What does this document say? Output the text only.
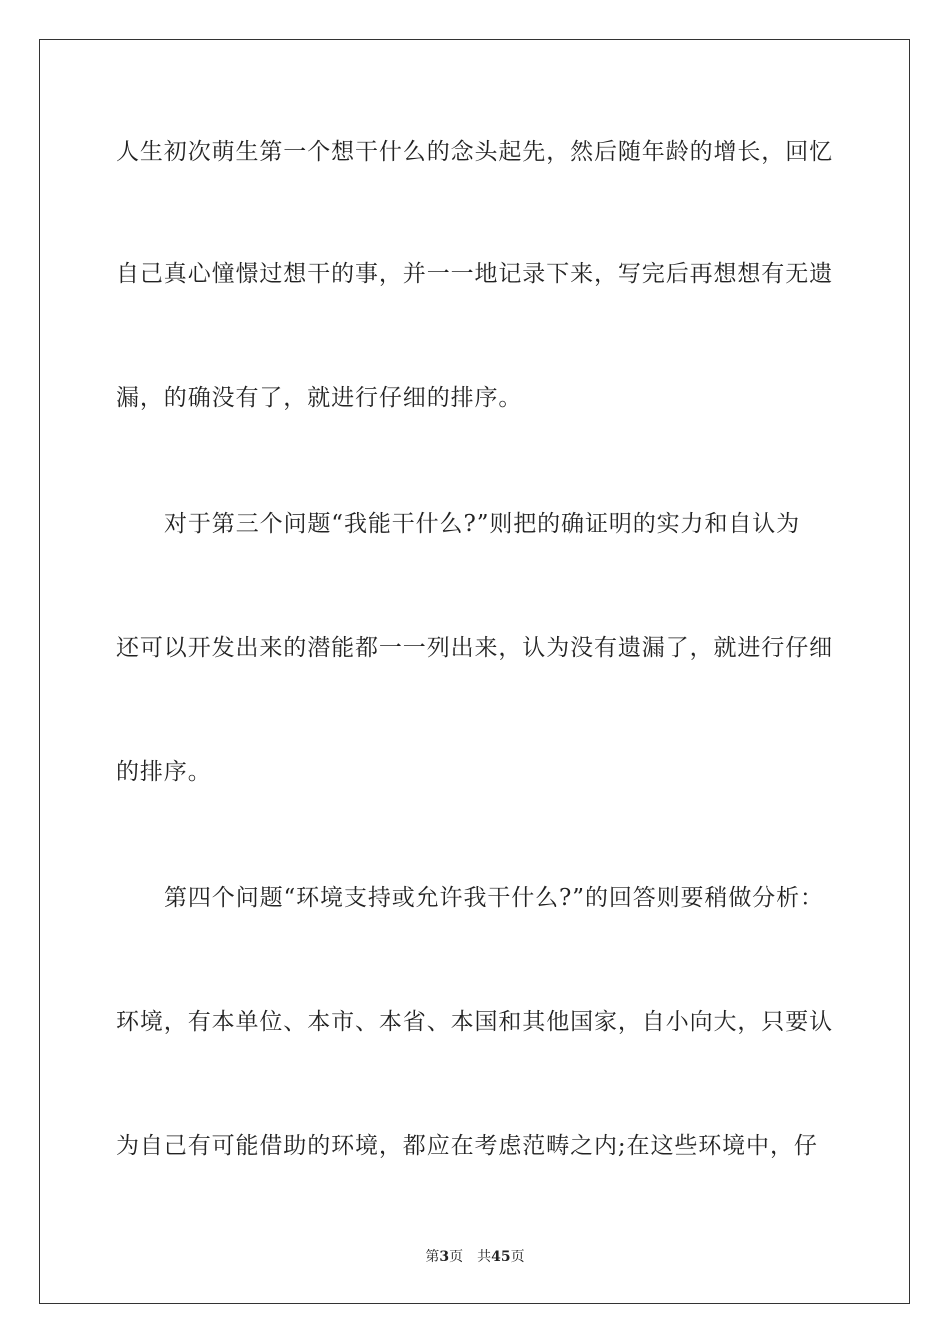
人生初次萌生第一个想干什么的念头起先，然后随年龄的增长，回忆
自己真心憧憬过想干的事，并一一地记录下来，写完后再想想有无遗
漏，的确没有了，就进行仔细的排序。
对于第三个问题“我能干什么?”则把的确证明的实力和自认为
还可以开发出来的潜能都一一列出来，认为没有遗漏了，就进行仔细
的排序。
第四个问题“环境支持或允许我干什么?”的回答则要稍做分析：
环境，有本单位、本市、本省、本国和其他国家，自小向大，只要认
为自己有可能借助的环境，都应在考虑范畴之内;在这些环境中，仔
第3页 共45页
